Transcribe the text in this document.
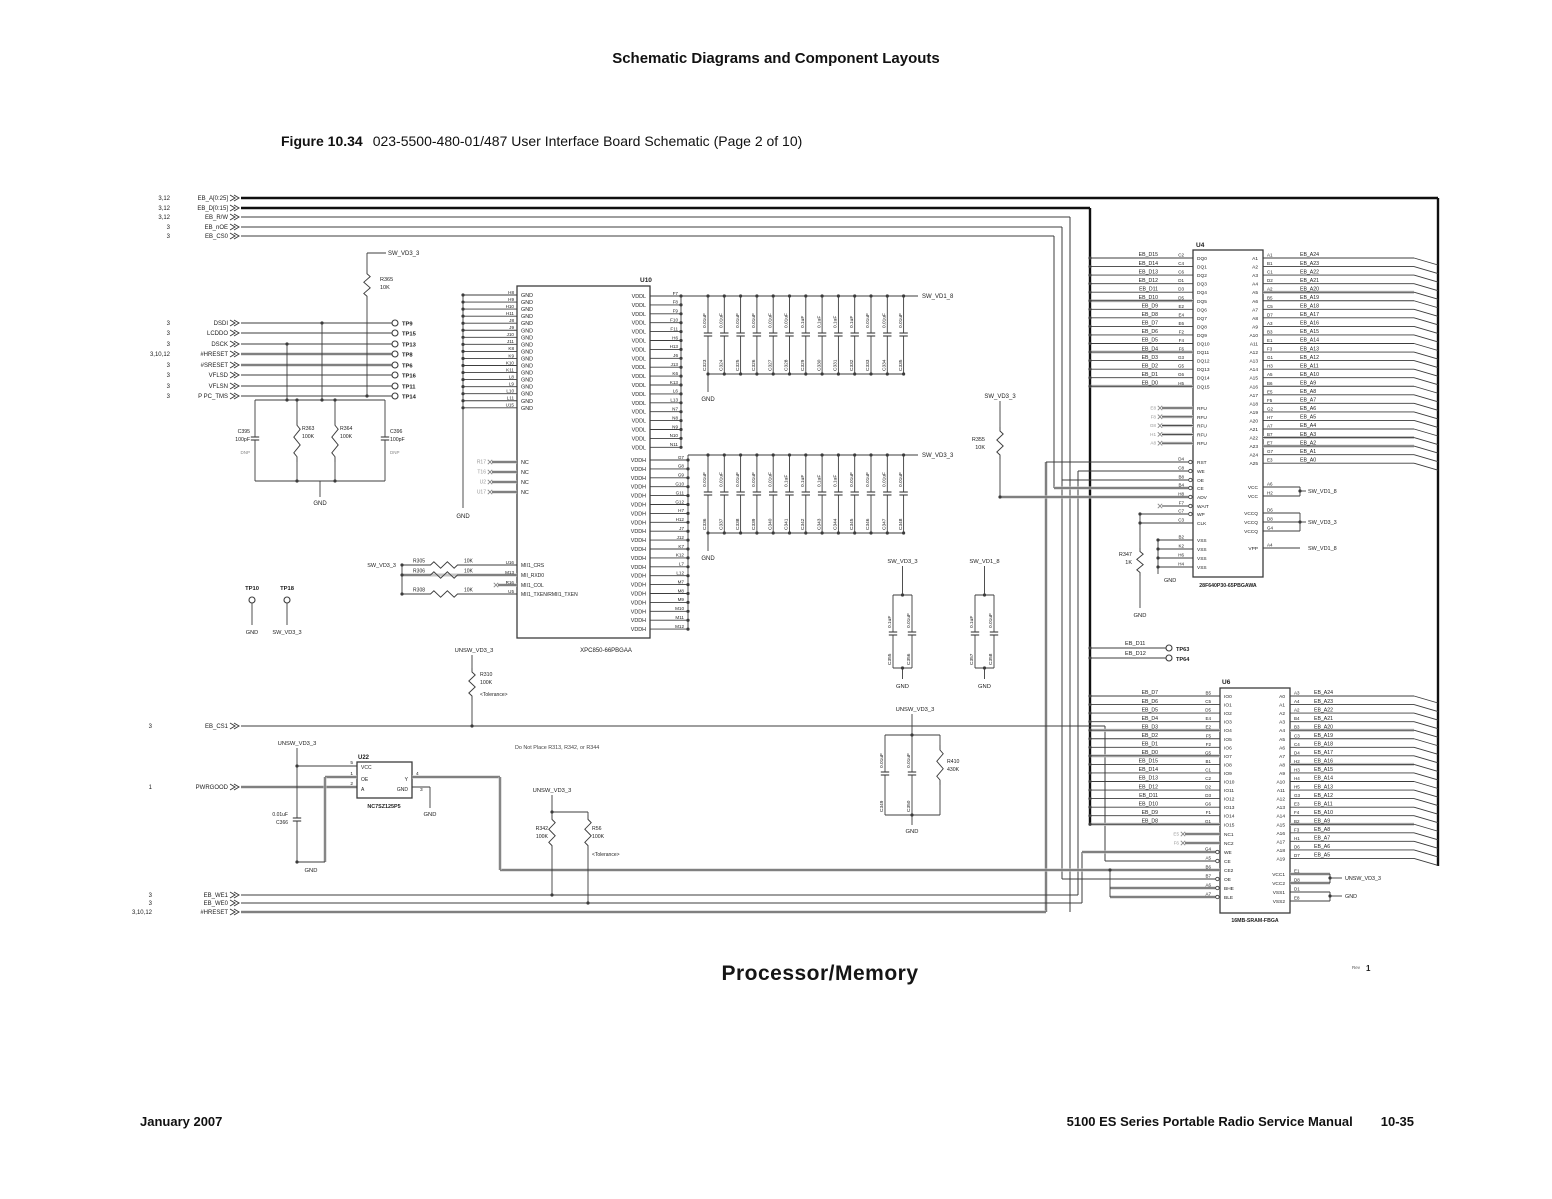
Schematic Diagrams and Component Layouts
Figure 10.34 023-5500-480-01/487 User Interface Board Schematic (Page 2 of 10)
3,12	EB_A[0:25]
3,12	EB_D[0:15]
3,12	EB_R/W
3	EB_nOE
3	EB_CS0
3	DSDI	TP9
3	LCDDO	TP15
3	DSCK	TP13
3,10,12	#HRESET	TP8
3	#SRESET	TP6
3	VFLSD	TP16
3	VFLSN	TP11
3	P PC_TMS	TP14
SW_VD3_3
R365
10K
C395
100pF
DNP
R363
100K
R364
100K
C396
100pF
DNP
GND
TP10
GND
TP18
SW_VD3_3
U10
XPC850-66PBGAA
H8
GND
H9
GND
H10
GND
H11
GND
J8
GND
J9
GND
J10
GND
J11
GND
K8
GND
K9
GND
K10
GND
K11
GND
L8
GND
L9
GND
L10
GND
L11
GND
U15
GND
GND
R17	NC
T16	NC
U2	NC
U17	NC
SW_VD3_3
R305	10K	U16
MII1_CRS
R306	10K	M13
MII_RXD0
R16
MII1_COL
R308	10K	U5
MII1_TXEN/RMII1_TXEN
F7
VDDL
F8
VDDL
F9
VDDL
F10
VDDL
F11
VDDL
H6
VDDL
H13
VDDL
J6
VDDL
J13
VDDL
K6
VDDL
K13
VDDL
L6
VDDL
L13
VDDL
N7
VDDL
N8
VDDL
N9
VDDL
N10
VDDL
N11
VDDL
G7
VDDH
G8
VDDH
G9
VDDH
G10
VDDH
G11
VDDH
G12
VDDH
H7
VDDH
H12
VDDH
J7
VDDH
J12
VDDH
K7
VDDH
K12
VDDH
L7
VDDH
L12
VDDH
M7
VDDH
M8
VDDH
M9
VDDH
M10
VDDH
M11
VDDH
M12
VDDH
SW_VD1_8
0.01uF
C323
0.01uF
C324
0.01uF
C325
0.01uF
C326
0.01uF
C327
0.01uF
C328
0.1uF
C329
0.1uF
C330
0.1uF
C331
0.1uF
C332
0.01uF
C333
0.01uF
C334
0.01uF
C335
GND
SW_VD3_3
0.01uF
C336
0.01uF
C337
0.01uF
C338
0.01uF
C339
0.01uF
C340
0.1uF
C341
0.1uF
C342
0.1uF
C343
0.1uF
C344
0.01uF
C345
0.01uF
C346
0.01uF
C347
0.01uF
C348
GND
SW_VD3_3
R355
10K
SW_VD3_3
0.1uF
C355
0.01uF
C356
GND
SW_VD1_8
0.1uF
C357
0.01uF
C358
GND
EB_D11
TP63
EB_D12
TP64
UNSW_VD3_3
0.01uF
C349
0.01uF
C350
R410
430K
GND
U4
28F640P30-65PBGAWA
EB_D15	C2
DQ0
EB_D14	C4
DQ1
EB_D13	C6
DQ2
EB_D12	D1
DQ3
EB_D11	D3
DQ4
EB_D10	D5
DQ5
EB_D9	E2
DQ6
EB_D8	E4
DQ7
EB_D7	E6
DQ8
EB_D6	F2
DQ9
EB_D5	F4
DQ10
EB_D4	F6
DQ11
EB_D3	G3
DQ12
EB_D2	G5
DQ13
EB_D1	G6
DQ14
EB_D0	H5
DQ15
A1
A1	EB_A24
A2
B1	EB_A23
A3
C1	EB_A22
A4
D2	EB_A21
A5
A2	EB_A20
A6
B5	EB_A19
A7
C5	EB_A18
A8
D7	EB_A17
A9
A3	EB_A16
A10
B3	EB_A15
A11
E1	EB_A14
A12
F3	EB_A13
A13
G1	EB_A12
A14
H3	EB_A11
A15
A5	EB_A10
A16
B6	EB_A9
A17
E5	EB_A8
A18
F5	EB_A7
A19
G2	EB_A6
A20
H7	EB_A5
A21
A7	EB_A4
A22
B7	EB_A3
A23
E7	EB_A2
A24
G7	EB_A1
A25
E3	EB_A0
E8	RFU
F8	RFU
G8	RFU
H1	RFU
A8	RFU
D4
RST
C8
WE
B8
OE
B4
CE
H8
ADV
F7
WAIT
C7
WP
C3
CLK
GND
R347
1K
B2
VSS
K2
VSS
H6
VSS
H4
VSS
GND
VCC
A6
VCC
H2	SW_VD1_8
VCCQ
D6
VCCQ
D8
VCCQ
G4
SW_VD3_3
VPP
A4
SW_VD1_8
U6
16MB-SRAM-FBGA
EB_D7	B5
IO0
EB_D6	C5
IO1
EB_D5	D5
IO2
EB_D4	E4
IO3
EB_D3	E2
IO4
EB_D2	F5
IO5
EB_D1	F2
IO6
EB_D0	G5
IO7
EB_D15	B1
IO8
EB_D14	C1
IO9
EB_D13	C2
IO10
EB_D12	D2
IO11
EB_D11	D3
IO12
EB_D10	G6
IO13
EB_D9	F1
IO14
EB_D8	G1
IO15
E5	NC1
F6	NC2
G4
WE
A5
CE
B6
CE2
B7
OE
A6
BHE
A7
BLE
A0
A3	EB_A24
A1
A4	EB_A23
A2
A2	EB_A22
A3
B4	EB_A21
A4
B3	EB_A20
A5
C3	EB_A19
A6
C4	EB_A18
A7
D4	EB_A17
A8
H2	EB_A16
A9
H3	EB_A15
A10
H4	EB_A14
A11
H5	EB_A13
A12
G3	EB_A12
A13
E3	EB_A11
A14
F4	EB_A10
A15
B2	EB_A9
A16
F3	EB_A8
A17
H1	EB_A7
A18
D6	EB_A6
A19
D7	EB_A5
VCC1
E1
VCC2
D8	UNSW_VD3_3
VSS1
D1
VSS2
E8	GND
3	EB_CS1
UNSW_VD3_3
R310
100K
<Tolerance>
Do Not Place R313, R342, or R344
1	PWRGOOD
UNSW_VD3_3
0.01uF
C366
U22
NC7SZ125P5
5
VCC
1
OE
2
A
4
Y
3
GND
GND
GND
UNSW_VD3_3
R342
100K
R56
100K
<Tolerance>
3	EB_WE1
3	EB_WE0
3,10,12	#HRESET
Rev 1
Processor/Memory
January 2007	5100 ES Series Portable Radio Service Manual 10-35
